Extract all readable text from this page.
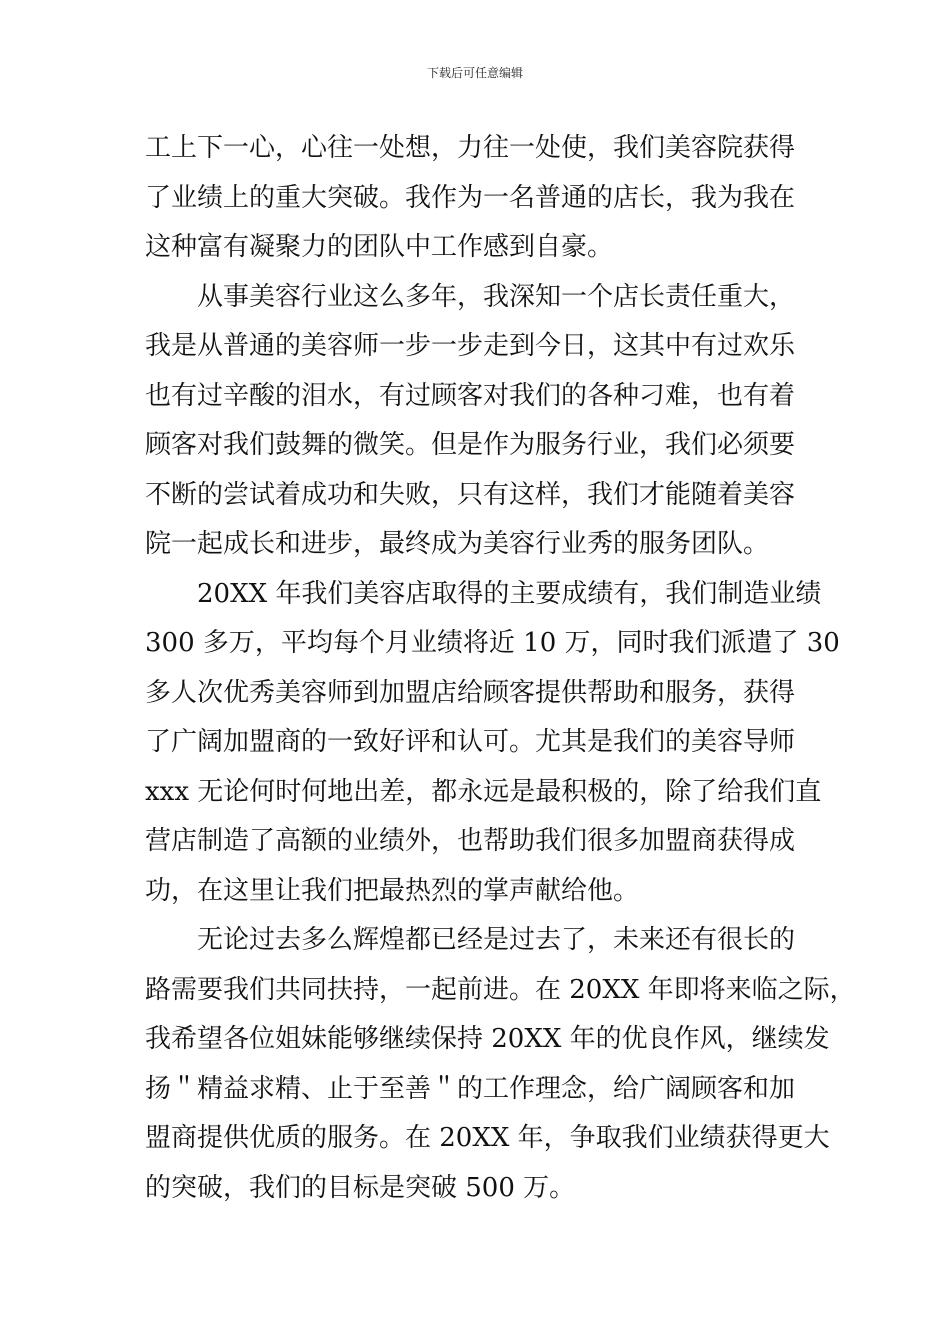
下载后可任意编辑
工上下一心，心往一处想，力往一处使，我们美容院获得
了业绩上的重大突破。我作为一名普通的店长，我为我在
这种富有凝聚力的团队中工作感到自豪。
从事美容行业这么多年，我深知一个店长责任重大，
我是从普通的美容师一步一步走到今日，这其中有过欢乐
也有过辛酸的泪水，有过顾客对我们的各种刁难，也有着
顾客对我们鼓舞的微笑。但是作为服务行业，我们必须要
不断的尝试着成功和失败，只有这样，我们才能随着美容
院一起成长和进步，最终成为美容行业秀的服务团队。
20XX 年我们美容店取得的主要成绩有，我们制造业绩
300 多万，平均每个月业绩将近 10 万，同时我们派遣了 30
多人次优秀美容师到加盟店给顾客提供帮助和服务，获得
了广阔加盟商的一致好评和认可。尤其是我们的美容导师
xxx 无论何时何地出差，都永远是最积极的，除了给我们直
营店制造了高额的业绩外，也帮助我们很多加盟商获得成
功，在这里让我们把最热烈的掌声献给他。
无论过去多么辉煌都已经是过去了，未来还有很长的
路需要我们共同扶持，一起前进。在 20XX 年即将来临之际，
我希望各位姐妹能够继续保持 20XX 年的优良作风，继续发
扬＂精益求精、止于至善＂的工作理念，给广阔顾客和加
盟商提供优质的服务。在 20XX 年，争取我们业绩获得更大
的突破，我们的目标是突破 500 万。
